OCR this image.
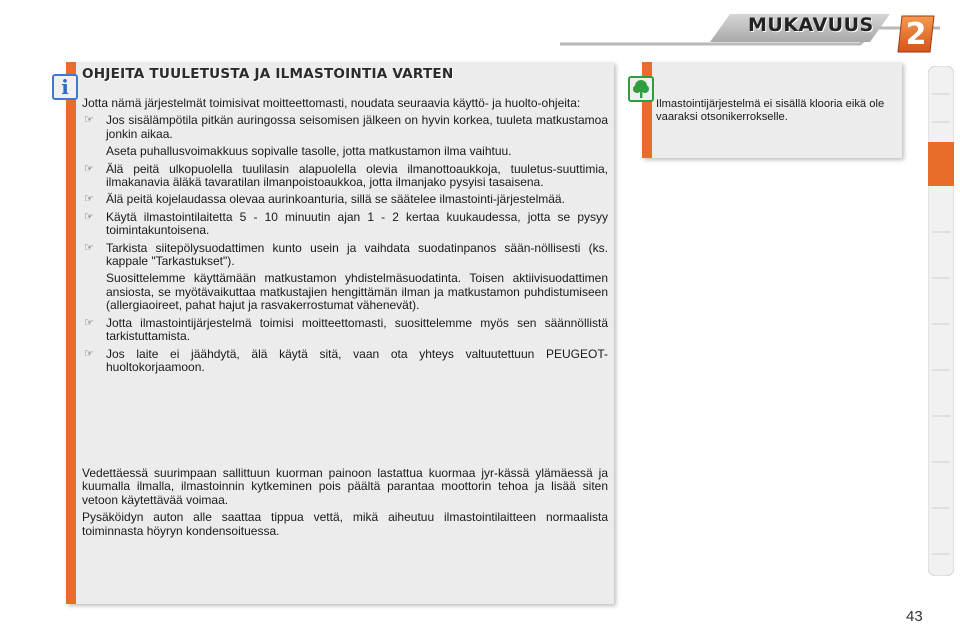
MUKAVUUS	2
i
OHJEITA TUULETUSTA JA ILMASTOINTIA VARTEN

Jotta nämä järjestelmät toimisivat moitteettomasti, noudata seuraavia käyttö- ja huolto-ohjeita:

☞ Jos sisälämpötila pitkän auringossa seisomisen jälkeen on hyvin korkea, tuuleta matkustamoa jonkin aikaa.
Aseta puhallusvoimakkuus sopivalle tasolle, jotta matkustamon ilma vaihtuu.
☞ Älä peitä ulkopuolella tuulilasin alapuolella olevia ilmanottoaukkoja, tuuletus-suuttimia, ilmakanavia äläkä tavaratilan ilmanpoistoaukkoa, jotta ilmanjako pysyisi tasaisena.
☞ Älä peitä kojelaudassa olevaa aurinkoanturia, sillä se säätelee ilmastointi-järjestelmää.
☞ Käytä ilmastointilaitetta 5 - 10 minuutin ajan 1 - 2 kertaa kuukaudessa, jotta se pysyy toimintakuntoisena.
☞ Tarkista siitepölysuodattimen kunto usein ja vaihdata suodatinpanos sään-nöllisesti (ks. kappale "Tarkastukset").
Suosittelemme käyttämään matkustamon yhdistelmäsuodatinta. Toisen aktiivisuodattimen ansiosta, se myötävaikuttaa matkustajien hengittämän ilman ja matkustamon puhdistumiseen (allergiaoireet, pahat hajut ja rasvakerrostumat vähenevät).
☞ Jotta ilmastointijärjestelmä toimisi moitteettomasti, suosittelemme myös sen säännöllistä tarkistuttamista.
☞ Jos laite ei jäähdytä, älä käytä sitä, vaan ota yhteys valtuutettuun PEUGEOT-huoltokorjaamoon.

Vedettäessä suurimpaan sallittuun kuorman painoon lastattua kuormaa jyr-kässä ylämäessä ja kuumalla ilmalla, ilmastoinnin kytkeminen pois päältä parantaa moottorin tehoa ja lisää siten vetoon käytettävää voimaa.

Pysäköidyn auton alle saattaa tippua vettä, mikä aiheutuu ilmastointilaitteen normaalista toiminnasta höyryn kondensoituessa.

Ilmastointijärjestelmä ei sisällä klooria eikä ole vaaraksi otsonikerrokselle.
43
